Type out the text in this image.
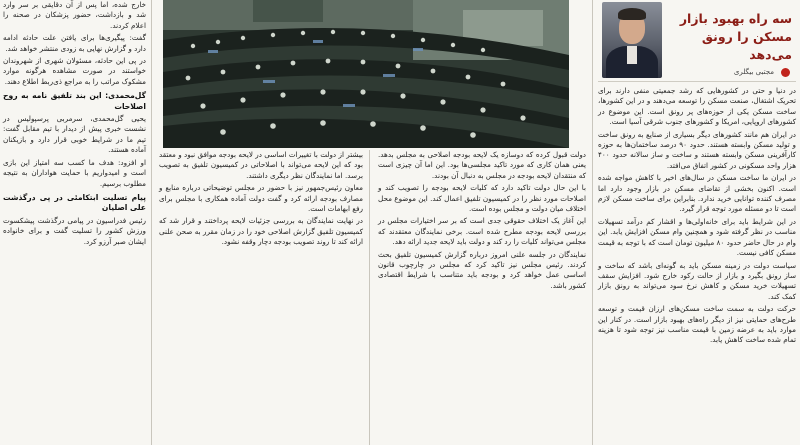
سه راه بهبود بازار مسکن را رونق می‌دهد
مجتبی بیگلری

در دنیا و حتی در کشورهایی که رشد جمعیتی منفی دارند برای تحریک اشتغال، صنعت مسکن را توسعه می‌دهند و در این کشورها، ساخت مسکن یکی از حوزه‌های پر رونق است. این موضوع در کشورهای اروپایی، امریکا و کشورهای جنوب شرقی آسیا است.

در ایران هم مانند کشورهای دیگر بسیاری از صنایع به رونق ساخت و تولید مسکن وابسته هستند. حدود ۹۰ درصد ساختمان‌ها به حوزه کارآفرینی مسکن وابسته هستند و ساخت و ساز سالانه حدود ۴۰۰ هزار واحد مسکونی در کشور اتفاق می‌افتد.

در ایران ما ساخت مسکن در سال‌های اخیر با کاهش مواجه شده است. اکنون بخشی از تقاضای مسکن در بازار وجود دارد اما مصرف کننده توانایی خرید ندارد. بنابراین برای ساخت مسکن لازم است تا دو مسئله مورد توجه قرار گیرد.

در این شرایط باید برای خانه‌اولی‌ها و اقشار کم درآمد تسهیلات مناسب در نظر گرفته شود و همچنین وام مسکن افزایش یابد. این وام در حال حاضر حدود ۸۰ میلیون تومان است که با توجه به قیمت مسکن کافی نیست.

سیاست دولت در زمینه مسکن باید به گونه‌ای باشد که ساخت و ساز رونق بگیرد و بازار از حالت رکود خارج شود. افزایش سقف تسهیلات خرید مسکن و کاهش نرخ سود می‌تواند به رونق بازار کمک کند.

حرکت دولت به سمت ساخت مسکن‌های ارزان قیمت و توسعه طرح‌های حمایتی نیز از دیگر راه‌های بهبود بازار است. در کنار این موارد باید به عرضه زمین با قیمت مناسب نیز توجه شود تا هزینه تمام شده ساخت کاهش یابد.

دولت قبول کرده که دوسازه یک لایحه بودجه اصلاحی به مجلس بدهد. یعنی همان کاری که مورد تاکید مجلسی‌ها بود. این اما آن چیزی است که منتقدان لایحه بودجه در مجلس به دنبال آن بودند.

با این حال دولت تاکید دارد که کلیات لایحه بودجه را تصویب کند و اصلاحات مورد نظر را در کمیسیون تلفیق اعمال کند. این موضوع محل اختلاف میان دولت و مجلس بوده است.

این آغاز یک اختلاف حقوقی جدی است که بر سر اختیارات مجلس در بررسی لایحه بودجه مطرح شده است. برخی نمایندگان معتقدند که مجلس می‌تواند کلیات را رد کند و دولت باید لایحه جدید ارائه دهد.

نمایندگان در جلسه علنی امروز درباره گزارش کمیسیون تلفیق بحث کردند. رئیس مجلس نیز تاکید کرد که مجلس در چارچوب قانون اساسی عمل خواهد کرد و بودجه باید متناسب با شرایط اقتصادی کشور باشد.

بیشتر از دولت با تغییرات اساسی در لایحه بودجه موافق نبود و معتقد بود که این لایحه می‌تواند با اصلاحاتی در کمیسیون تلفیق به تصویب برسد. اما نمایندگان نظر دیگری داشتند.

معاون رئیس‌جمهور نیز با حضور در مجلس توضیحاتی درباره منابع و مصارف بودجه ارائه کرد و گفت دولت آماده همکاری با مجلس برای رفع ابهامات است.

در نهایت نمایندگان به بررسی جزئیات لایحه پرداختند و قرار شد که کمیسیون تلفیق گزارش اصلاحی خود را در زمان مقرر به صحن علنی ارائه کند تا روند تصویب بودجه دچار وقفه نشود.

خارج شده، اما پس از آن دقایقی بر سر وارد شد و بازداشت، حضور پزشکان در صحنه را اعلام کردند.

گفت: پیگیری‌ها برای یافتن علت حادثه ادامه دارد و گزارش نهایی به زودی منتشر خواهد شد.

در پی این حادثه، مسئولان شهری از شهروندان خواستند در صورت مشاهده هرگونه موارد مشکوک مراتب را به مراجع ذی‌ربط اطلاع دهند.

گل‌محمدی: این بند تلفیق نامه به روح اصلاحات

یحیی گل‌محمدی، سرمربی پرسپولیس در نشست خبری پیش از دیدار با تیم مقابل گفت: تیم ما در شرایط خوبی قرار دارد و بازیکنان آماده هستند.

او افزود: هدف ما کسب سه امتیاز این بازی است و امیدواریم با حمایت هواداران به نتیجه مطلوب برسیم.

پیام تسلیت ابتکامئی در پی درگذشت علی اصلیان

رئیس فدراسیون در پیامی درگذشت پیشکسوت ورزش کشور را تسلیت گفت و برای خانواده ایشان صبر آرزو کرد.
